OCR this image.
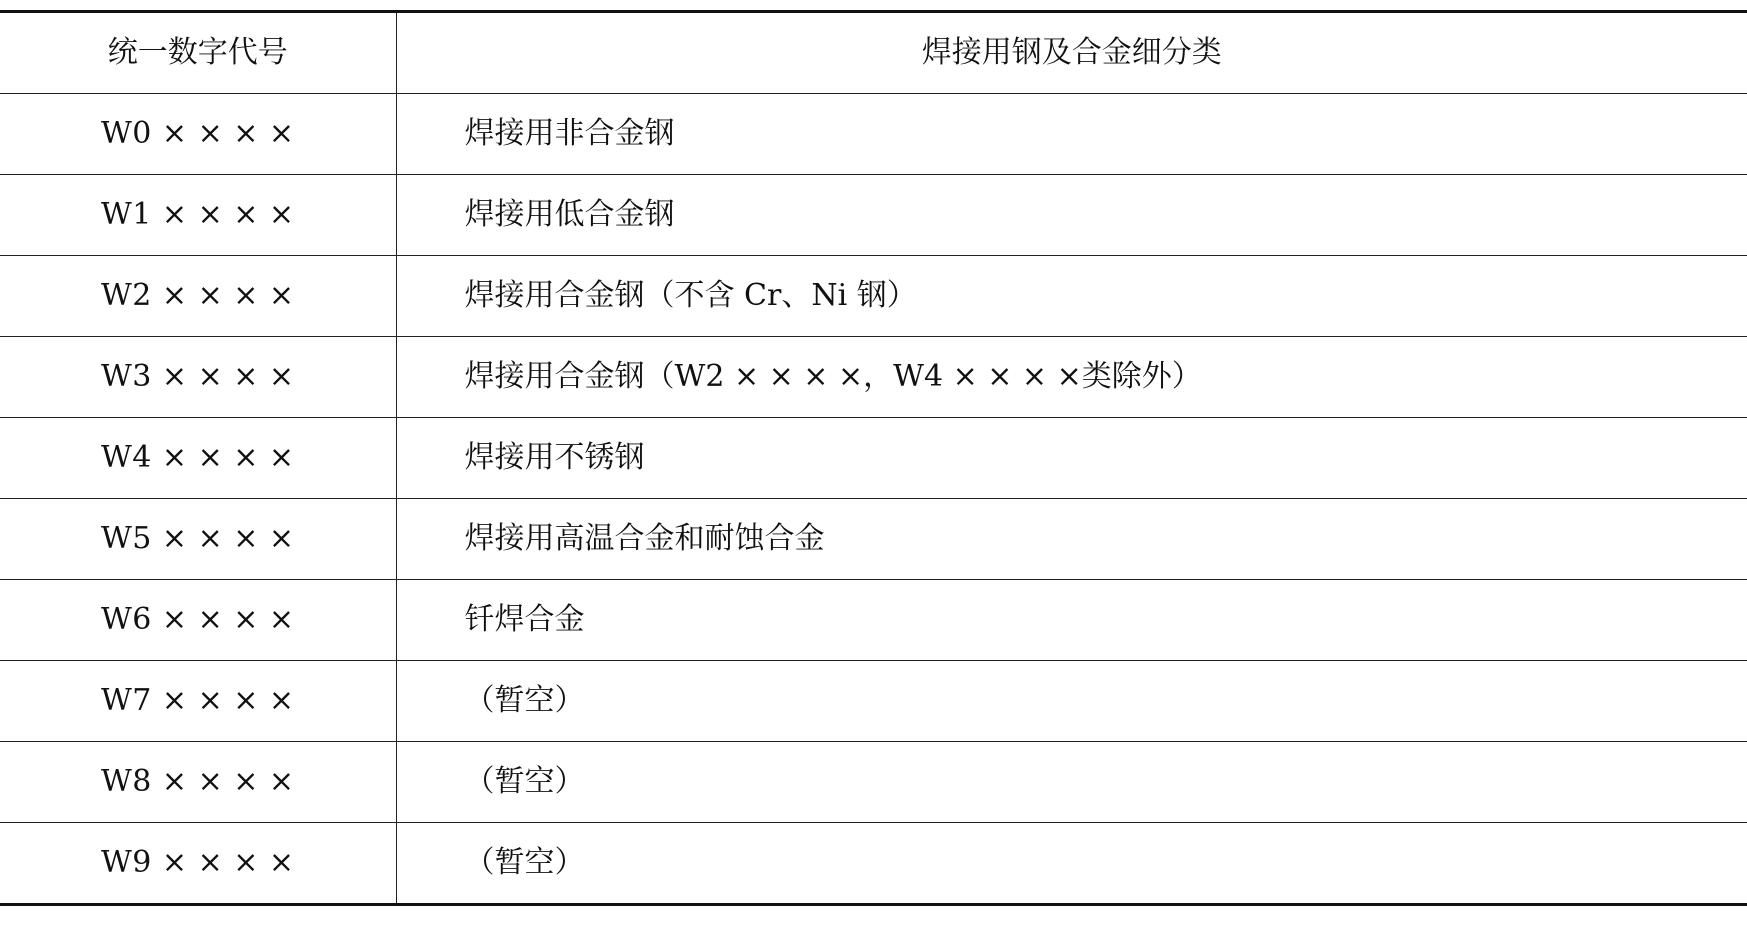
统一数字代号	焊接用钢及合金细分类
W0 × × × ×	焊接用非合金钢
W1 × × × ×	焊接用低合金钢
W2 × × × ×	焊接用合金钢（不含 Cr、Ni 钢）
W3 × × × ×	焊接用合金钢（W2 × × × ×，W4 × × × ×类除外）
W4 × × × ×	焊接用不锈钢
W5 × × × ×	焊接用高温合金和耐蚀合金
W6 × × × ×	钎焊合金
W7 × × × ×	（暂空）
W8 × × × ×	（暂空）
W9 × × × ×	（暂空）
